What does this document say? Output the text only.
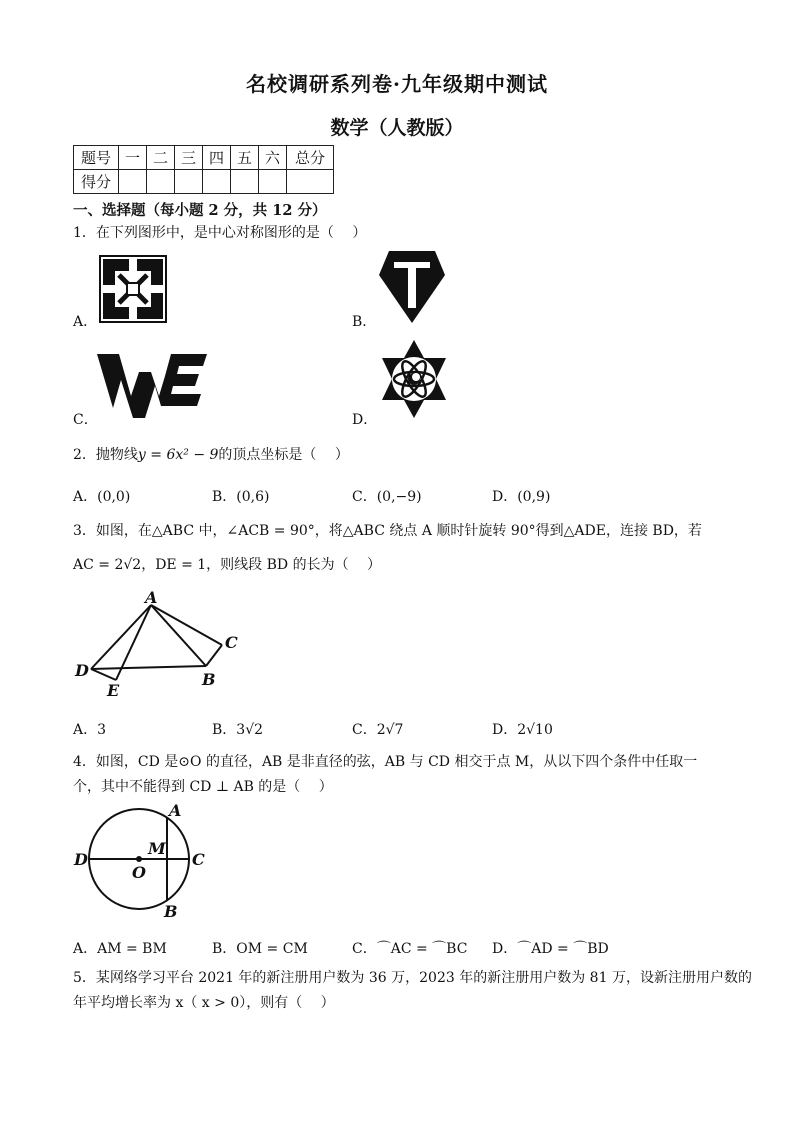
名校调研系列卷·九年级期中测试
数学（人教版）
题号	一	二	三	四	五	六	总分
得分							
一、选择题（每小题 2 分，共 12 分）
1．在下列图形中，是中心对称图形的是（　 ）
A．	B．
C．	D．
2．抛物线y = 6x² − 9的顶点坐标是（　 ）
A．(0,0)	B．(0,6)	C．(0,−9)	D．(0,9)
3．如图，在△ABC 中，∠ACB = 90°，将△ABC 绕点 A 顺时针旋转 90°得到△ADE，连接 BD，若
AC = 2√2，DE = 1，则线段 BD 的长为（　 ）
A
C
D	B
E
A．3	B．3√2	C．2√7	D．2√10
4．如图，CD 是⊙O 的直径，AB 是非直径的弦，AB 与 CD 相交于点 M，从以下四个条件中任取一
个，其中不能得到 CD ⊥ AB 的是（　 ）
A
D
M
C
O
B
A．AM = BM	B．OM = CM	C．⌒AC = ⌒BC D．⌒AD = ⌒BD
5．某网络学习平台 2021 年的新注册用户数为 36 万，2023 年的新注册用户数为 81 万，设新注册用户数的
年平均增长率为 x（ x > 0），则有（　 ）
